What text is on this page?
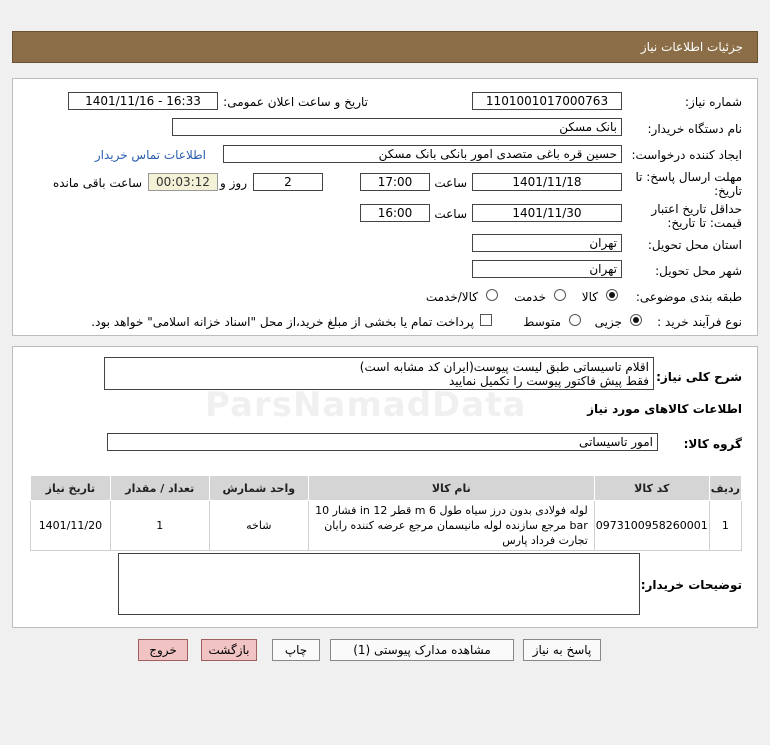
جزئیات اطلاعات نیاز
شماره نیاز:
1101001017000763
تاریخ و ساعت اعلان عمومی:
1401/11/16 - 16:33
نام دستگاه خریدار:
بانک مسکن
ایجاد کننده درخواست:
حسین قره باغی متصدی امور بانکی بانک مسکن
اطلاعات تماس خریدار
مهلت ارسال پاسخ: تا
تاریخ:
1401/11/18
ساعت
17:00
2
روز و
00:03:12
ساعت باقی مانده
حداقل تاریخ اعتبار
قیمت: تا تاریخ:
1401/11/30
ساعت
16:00
استان محل تحویل:
تهران
شهر محل تحویل:
تهران
طبقه بندی موضوعی:
کالا
خدمت
کالا/خدمت
نوع فرآیند خرید :
جزیی
متوسط
پرداخت تمام یا بخشی از مبلغ خرید،از محل "اسناد خزانه اسلامی" خواهد بود.
شرح کلی نیاز:
اقلام تاسیساتی طبق لیست پیوست(ایران کد مشابه است)
فقط پیش فاکتور پیوست را تکمیل نمایید
ParsNamadData	اطلاعات کالاهای مورد نیاز
گروه کالا:
امور تاسیساتی
ردیف	کد کالا	نام کالا	واحد شمارش	تعداد / مقدار	تاریخ نیاز
1	0973100958260001	لوله فولادی بدون درز سیاه طول 6 m قطر 12 in فشار 10 bar مرجع سازنده لوله مانیسمان مرجع عرضه کننده رایان تجارت فرداد پارس	شاخه	1	1401/11/20
توضیحات خریدار:
پاسخ به نیاز
مشاهده مدارک پیوستی (1)
چاپ
بازگشت
خروج
